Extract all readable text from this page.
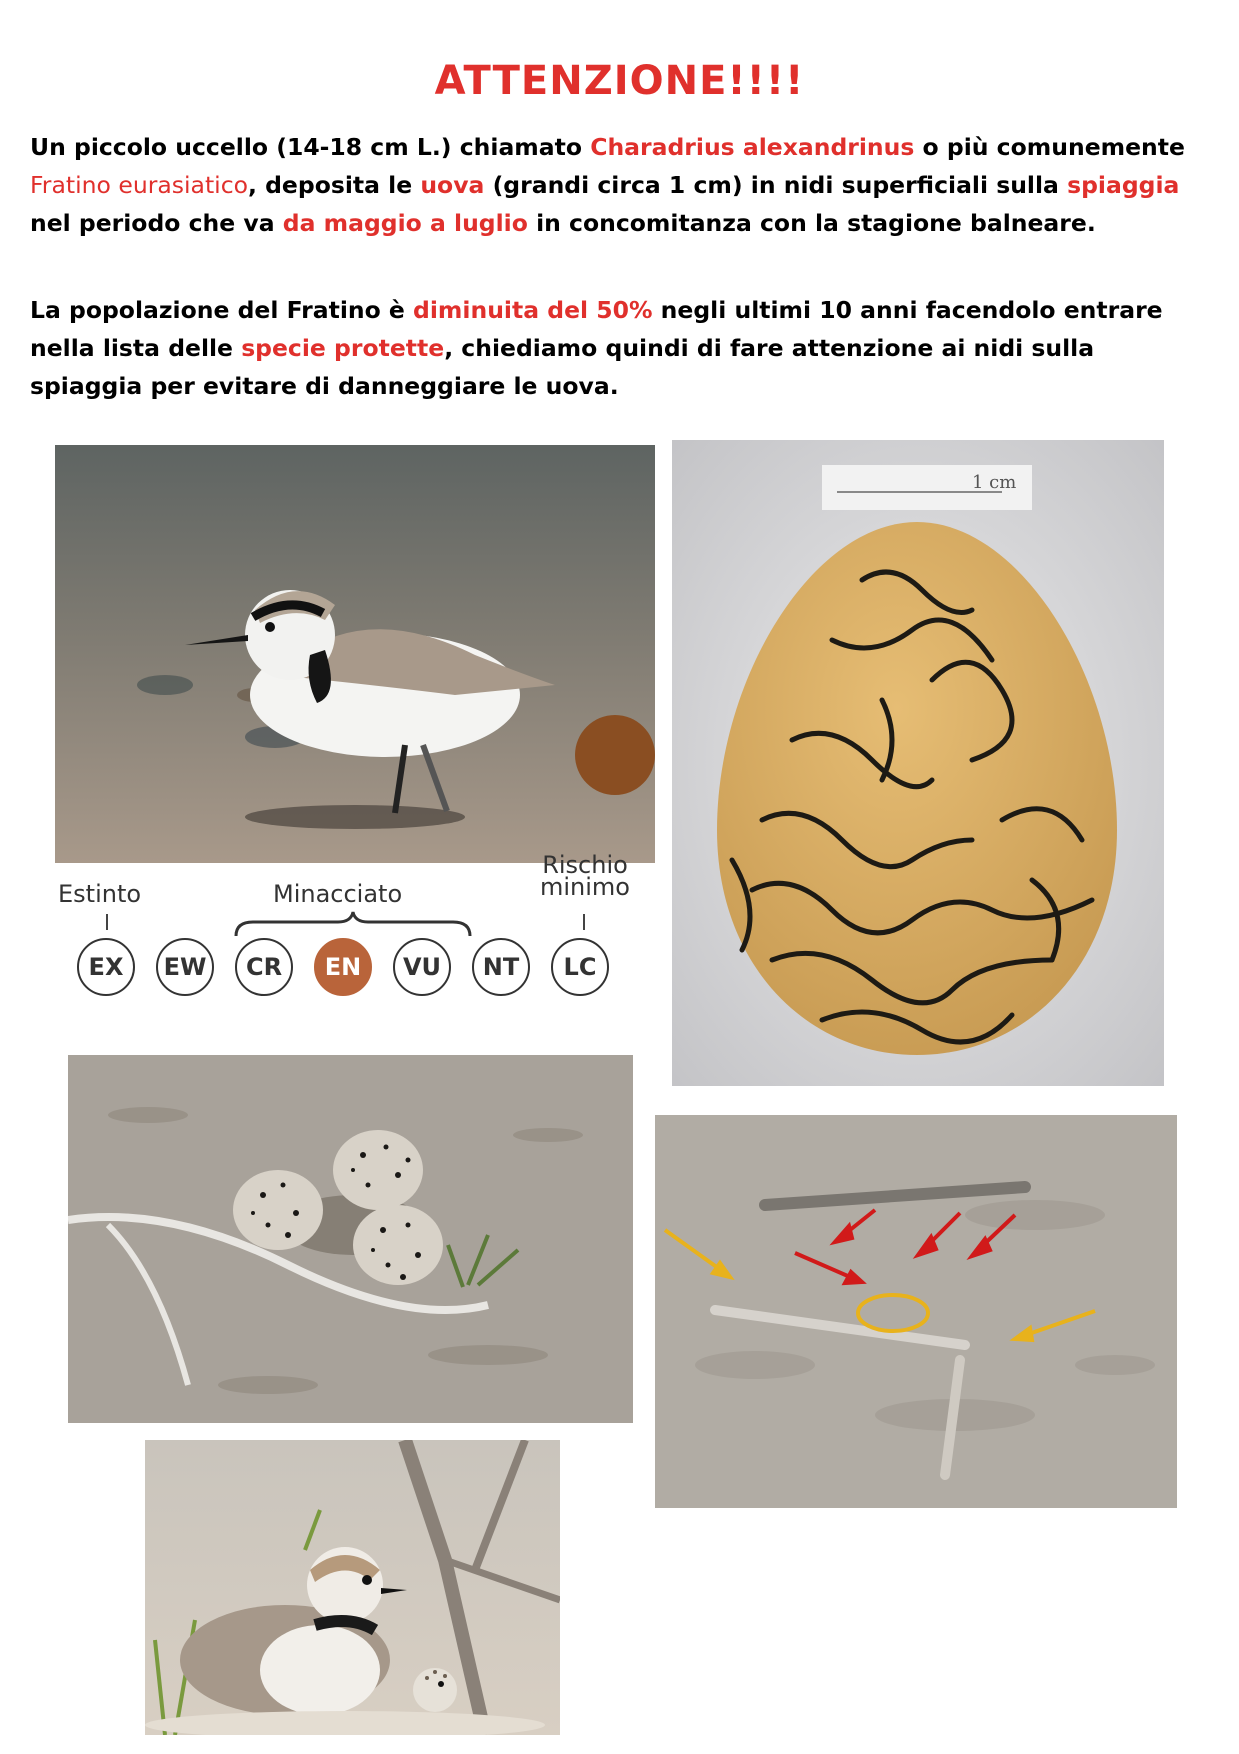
ATTENZIONE!!!!

Un piccolo uccello (14-18 cm L.) chiamato Charadrius alexandrinus o più comunemente Fratino eurasiatico, deposita le uova (grandi circa 1 cm) in nidi superficiali sulla spiaggia nel periodo che va da maggio a luglio in concomitanza con la stagione balneare.

La popolazione del Fratino è diminuita del 50% negli ultimi 10 anni facendolo entrare nella lista delle specie protette, chiediamo quindi di fare attenzione ai nidi sulla spiaggia per evitare di danneggiare le uova.

1 cm
Estinto	Minacciato
Rischio
minimo
EX	EW	CR	EN	VU	NT	LC
